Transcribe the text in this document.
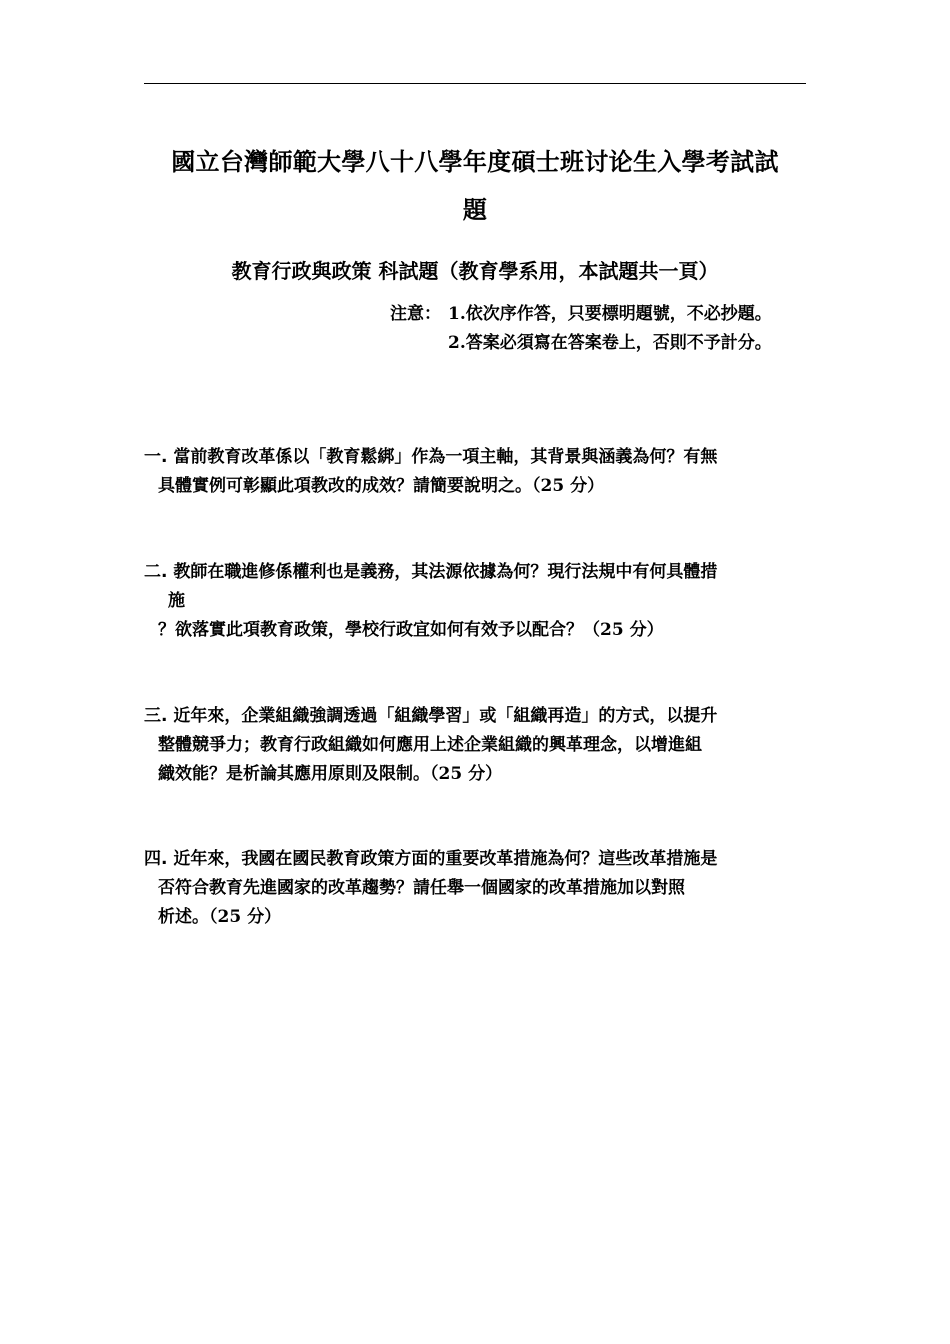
國立台灣師範大學八十八學年度碩士班讨论生入學考試試
題
教育行政與政策 科試題（教育學系用，本試題共一頁）
注意： 1. 依次序作答，只要標明題號，不必抄題。
2. 答案必須寫在答案卷上，否則不予計分。
一. 當前教育改革係以「教育鬆綁」作為一項主軸，其背景與涵義為何？有無
具體實例可彰顯此項教改的成效？請簡要說明之。（25 分）
二. 教師在職進修係權利也是義務，其法源依據為何？現行法規中有何具體措
施
？欲落實此項教育政策，學校行政宜如何有效予以配合？（25 分）
三. 近年來，企業組織強調透過「組織學習」或「組織再造」的方式，以提升
整體競爭力；教育行政組織如何應用上述企業組織的興革理念，以增進組
織效能？是析論其應用原則及限制。（25 分）
四. 近年來，我國在國民教育政策方面的重要改革措施為何？這些改革措施是
否符合教育先進國家的改革趨勢？請任舉一個國家的改革措施加以對照
析述。（25 分）
